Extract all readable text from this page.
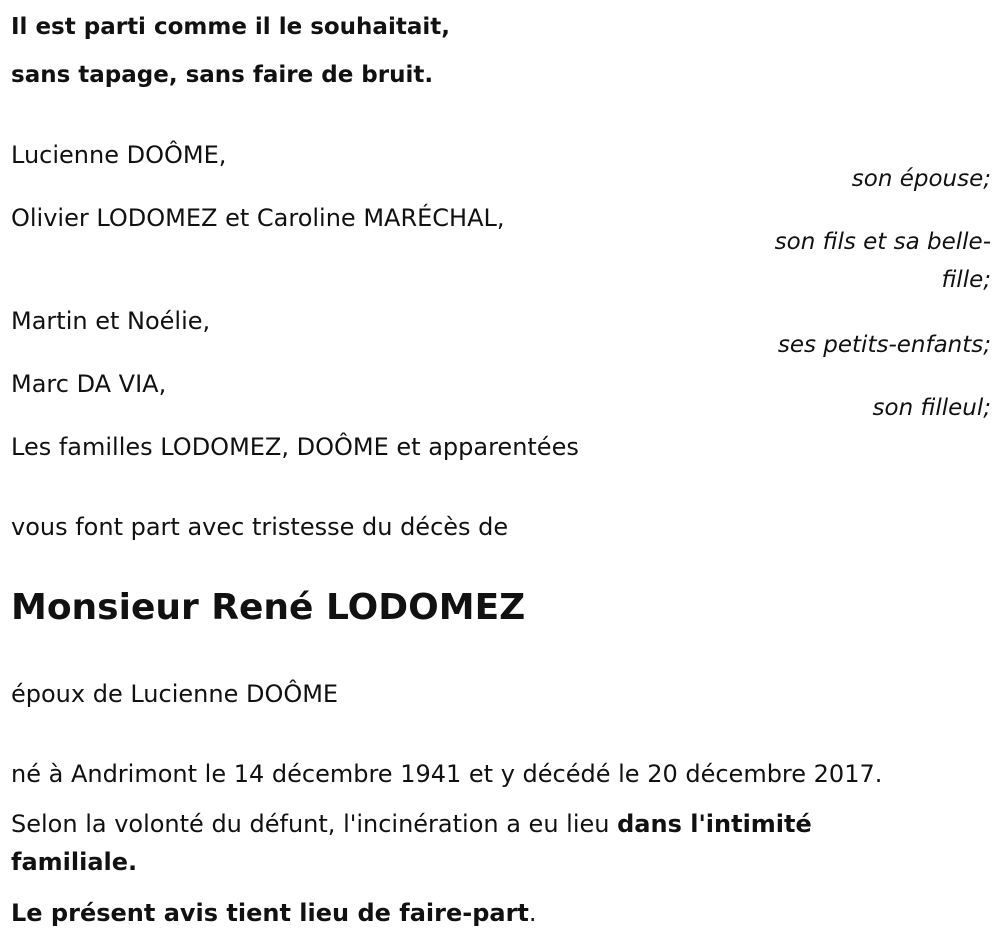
Il est parti comme il le souhaitait,
sans tapage, sans faire de bruit.
Lucienne DOÔME,
son épouse;
Olivier LODOMEZ et Caroline MARÉCHAL,
son fils et sa belle-
fille;
Martin et Noélie,
ses petits-enfants;
Marc DA VIA,
son filleul;
Les familles LODOMEZ, DOÔME et apparentées
vous font part avec tristesse du décès de
Monsieur René LODOMEZ
époux de Lucienne DOÔME
né à Andrimont le 14 décembre 1941 et y décédé le 20 décembre 2017.
Selon la volonté du défunt, l'incinération a eu lieu dans l'intimité familiale.
Le présent avis tient lieu de faire-part.
